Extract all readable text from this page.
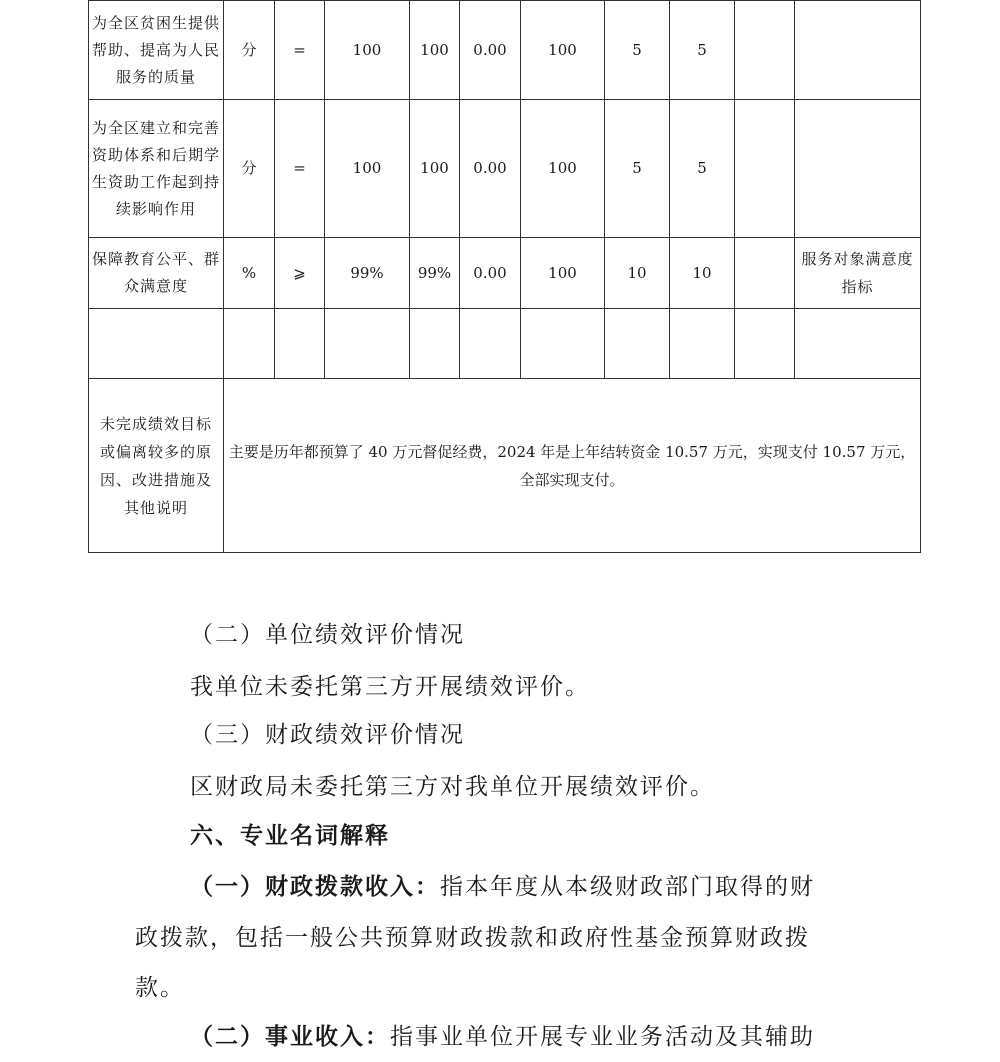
为全区贫困生提供帮助、提高为人民服务的质量	分	=	100	100	0.00	100	5	5		
为全区建立和完善资助体系和后期学生资助工作起到持续影响作用	分	=	100	100	0.00	100	5	5		
保障教育公平、群众满意度	%	⩾	99%	99%	0.00	100	10	10		服务对象满意度指标

未完成绩效目标或偏离较多的原因、改进措施及其他说明	主要是历年都预算了 40 万元督促经费，2024 年是上年结转资金 10.57 万元，实现支付 10.57 万元，全部实现支付。									
（二）单位绩效评价情况
我单位未委托第三方开展绩效评价。
（三）财政绩效评价情况
区财政局未委托第三方对我单位开展绩效评价。
六、专业名词解释
（一）财政拨款收入：指本年度从本级财政部门取得的财
政拨款，包括一般公共预算财政拨款和政府性基金预算财政拨
款。
（二）事业收入：指事业单位开展专业业务活动及其辅助
